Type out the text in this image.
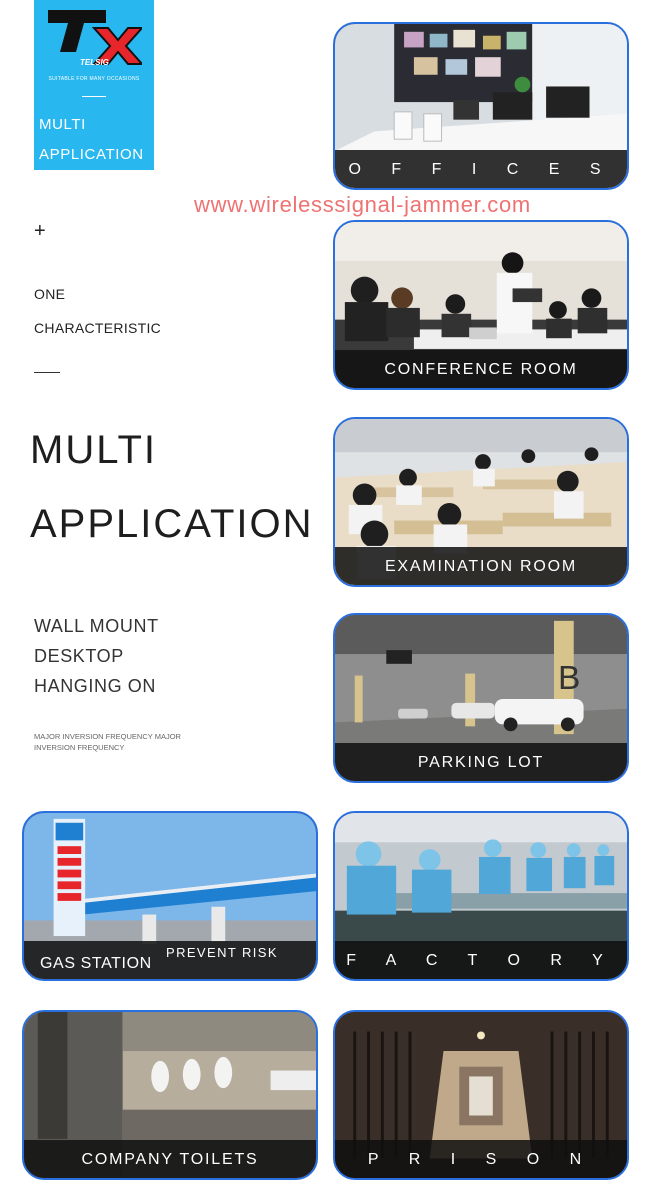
TELSIG
SUITABLE FOR MANY OCCASIONS
MULTI
APPLICATION
www.wirelesssignal-jammer.com
+
ONE
CHARACTERISTIC
MULTI
APPLICATION
WALL MOUNT
DESKTOP
HANGING ON
MAJOR INVERSION FREQUENCY MAJOR INVERSION FREQUENCY
O F F I C E S
CONFERENCE ROOM
EXAMINATION ROOM
B
PARKING LOT
GAS STATION
PREVENT RISK	F A C T O R Y
COMPANY TOILETS	P R I S O N
